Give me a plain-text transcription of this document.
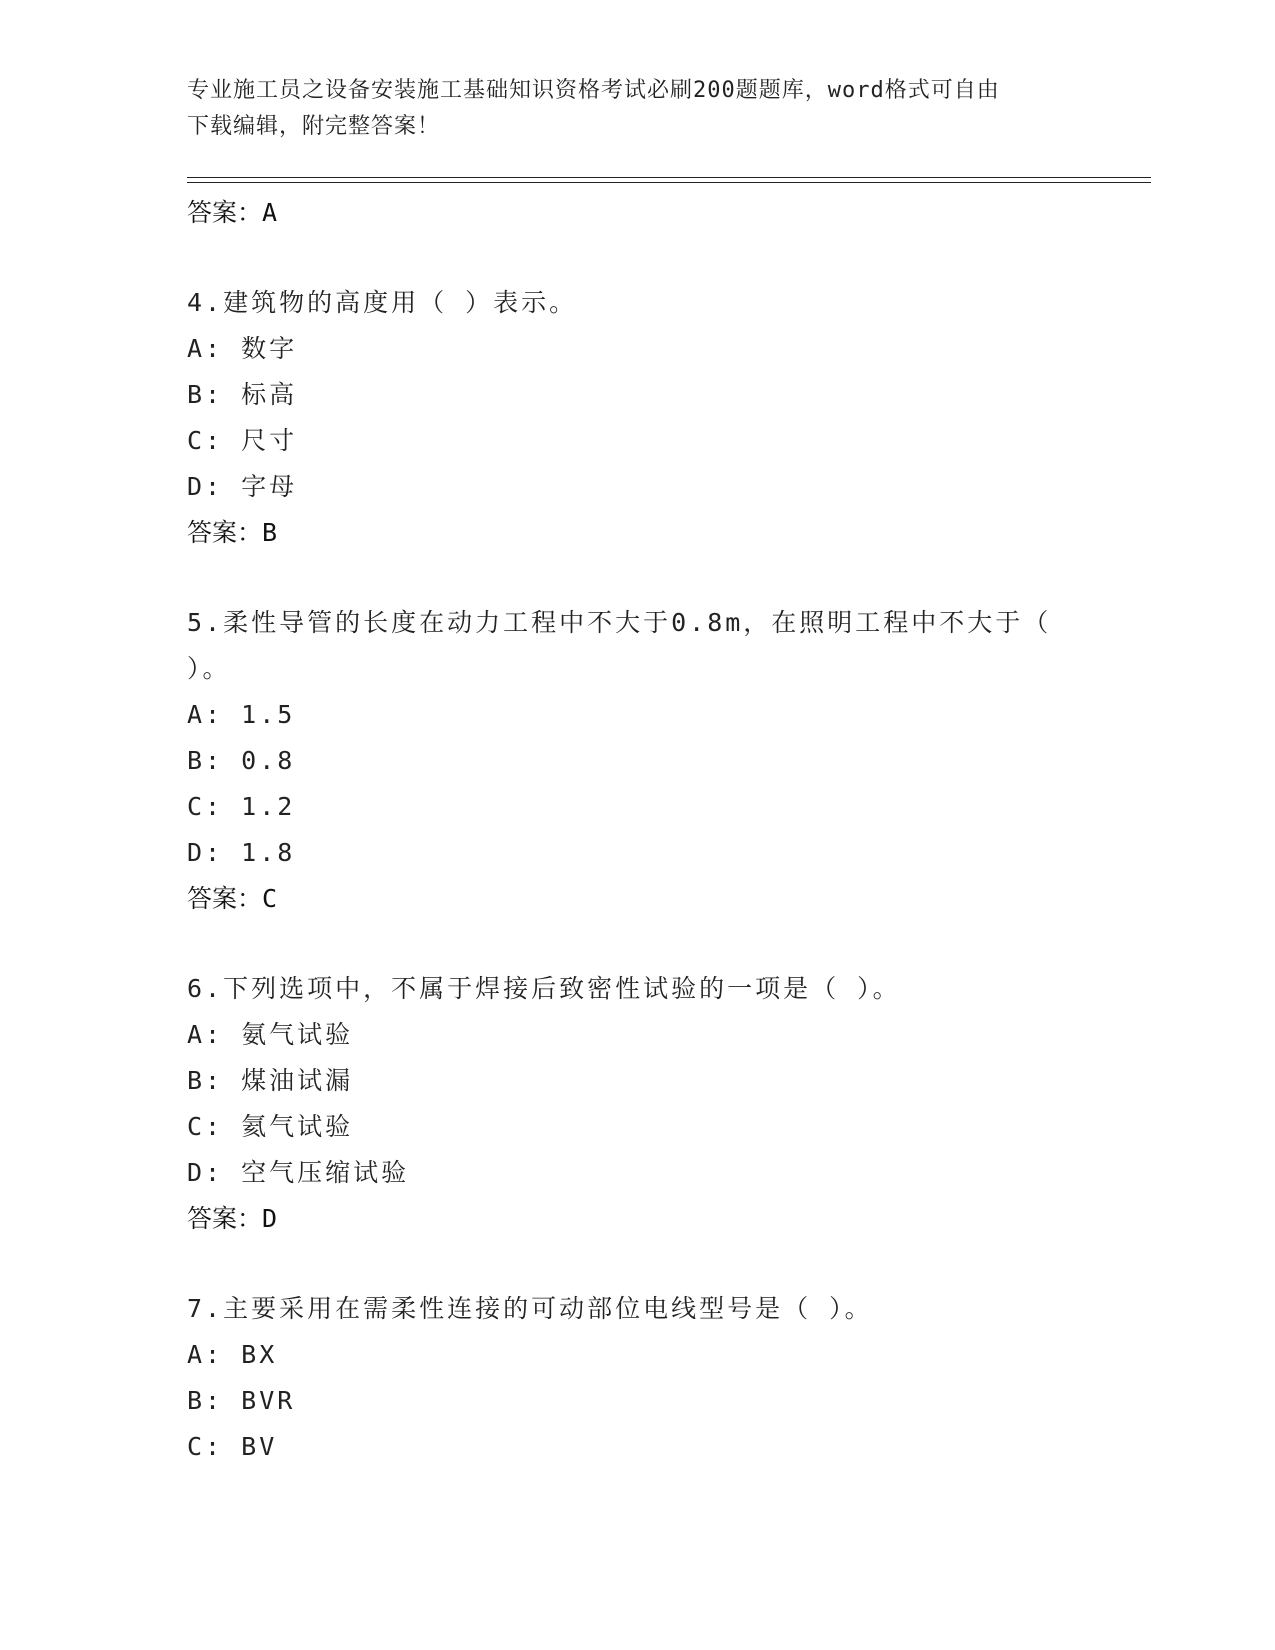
专业施工员之设备安装施工基础知识资格考试必刷200题题库，word格式可自由
下载编辑，附完整答案！
答案：A
4.建筑物的高度用（ ）表示。
A: 数字
B: 标高
C: 尺寸
D: 字母
答案：B
5.柔性导管的长度在动力工程中不大于0.8m，在照明工程中不大于（
）。
A: 1.5
B: 0.8
C: 1.2
D: 1.8
答案：C
6.下列选项中，不属于焊接后致密性试验的一项是（ ）。
A: 氨气试验
B: 煤油试漏
C: 氦气试验
D: 空气压缩试验
答案：D
7.主要采用在需柔性连接的可动部位电线型号是（ ）。
A: BX
B: BVR
C: BV
